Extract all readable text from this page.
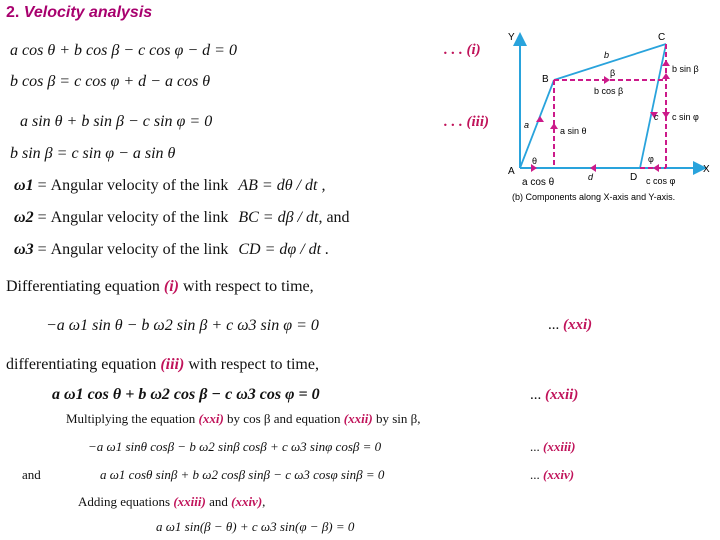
2. Velocity analysis
a cos θ + b cos β − c cos φ − d = 0	. . . (i)
b cos β = c cos φ + d − a cos θ
a sin θ + b sin β − c sin φ = 0	. . . (iii)
b sin β = c sin φ − a sin θ
ω1 = Angular velocity of the link AB = dθ / dt ,
ω2 = Angular velocity of the link BC = dβ / dt, and
ω3 = Angular velocity of the link CD = dφ / dt .
Differentiating equation (i) with respect to time,
−a ω1 sin θ − b ω2 sin β + c ω3 sin φ = 0	... (xxi)
differentiating equation (iii) with respect to time,
a ω1 cos θ + b ω2 cos β − c ω3 cos φ = 0	... (xxii)
Multiplying the equation (xxi) by cos β and equation (xxii) by sin β,
−a ω1 sinθ cosβ − b ω2 sinβ cosβ + c ω3 sinφ cosβ = 0	... (xxiii)
and	a ω1 cosθ sinβ + b ω2 cosβ sinβ − c ω3 cosφ sinβ = 0	... (xxiv)
Adding equations (xxiii) and (xxiv),
a ω1 sin(β − θ) + c ω3 sin(φ − β) = 0
Y
X
A
B
C
D
a
b
c
d
θ
β
φ
b sin β
b cos β
c sin φ
a sin θ
a cos θ	c cos φ
(b) Components along X-axis and Y-axis.
